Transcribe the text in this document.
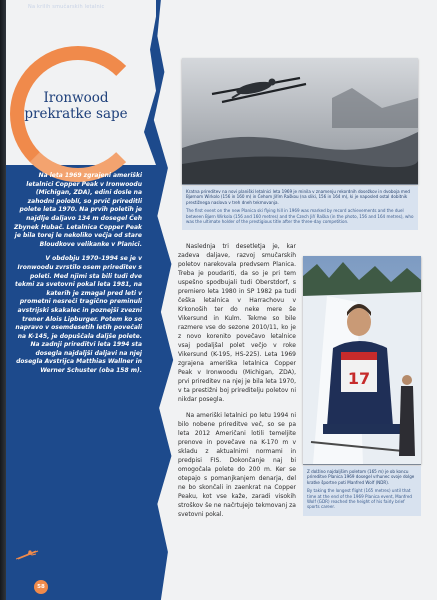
Na krilih smučarskih letalnic
Ironwood prekratke sape

Na leta 1969 zgrajeni ameriški letalnici Copper Peak v Ironwoodu (Michigan, ZDA), edini dosle na zahodni poloblí, so prvič prireditli polete leta 1970. Na prvih poletih je najdlje daljavo 134 m dosegel Čeh Zbynek Hubač. Letalnica Copper Peak je bila torej le nekoliko večja od stare Bloudkove velikanke v Planici.

V obdobju 1970–1994 se je v Ironwoodu zvrstilo osem prireditev s poleti. Med njimi sta bili tudi dve tekmi za svetovni pokal leta 1981, na katerih je zmagal pred leti v prometni nesreči tragično preminuli avstrijski skakalec in poznejši zvezni trener Alois Lipburger. Potem ko so napravo v osemdesetih letih povečali na K-145, je dopuščala daljše polete. Na zadnji prireditvi leta 1994 sta dosegla najdaljši daljavi na njej dosegla Avstrijca Matthias Wallner in Werner Schuster (oba 158 m).

58

Kratna prireditev na novi planiški letalnici leta 1969 je minila v znamenju rekordnih dosežkov in dvoboja med Bjørnom Wirkolo (156 in 160 m) in Čehom Jiřím Raškou (na sliki, 156 in 164 m), ki je naposled ostal dobitnik prestižnega naslova v treh dneh tekmovanja.

The first event on the new Planica ski flying hill in 1969 was marked by record achievements and the duel between Bjørn Wirkola (156 and 160 metres) and the Czech Jiří Raška (in the photo, 156 and 164 metres), who was the ultimate holder of the prestigious title after the three-day competition.

Naslednja tri desetletja je, kar zadeva daljave, razvoj smučarskih poletov narekovala predvsem Planica. Treba je poudariti, da so je pri tem uspešno spodbujali tudi Oberstdorf, s premiero leta 1980 in SP 1982 pa tudi češka letalnica v Harrachovu v Krkonoših ter do neke mere še Vikersund in Kulm. Tekme so bile razmere vse do sezone 2010/11, ko je z novo korenito povečavo letalnice vsaj podaljšal polet večjo v roke Vikersund (K-195, HS-225). Leta 1969 zgrajena ameriška letalnica Copper Peak v Ironwoodu (Michigan, ZDA), prvi prireditev na njej je bila leta 1970, v ta prestižni boj prireditelju poletov ni nikdar posegla.

Na ameriški letalnici po letu 1994 ni bilo nobene prireditve več, so se pa leta 2012 Američani lotili temeljite prenove in povečave na K-170 m v skladu z aktualnimi normami in predpisi FIS. Dokončanje naj bi omogočala polete do 200 m. Ker se otepajo s pomanjkanjem denarja, del ne bo skončali in zaenkrat na Copper Peaku, kot vse kaže, zaradi visokih stroškov še ne načrtujejo tekmovanj za svetovni pokal.

17

Z dolžino najdaljšim poletom (165 m) je ob koncu prireditve Planica 1969 dosegel vrhunec svoje dolge kratke športne poti Manfred Wolf (NDR).

By taking the longest flight (165 metres) until that time at the end of the 1969 Planica event, Manfred Wolf (GDR) reached the height of his fairly brief sports career.
